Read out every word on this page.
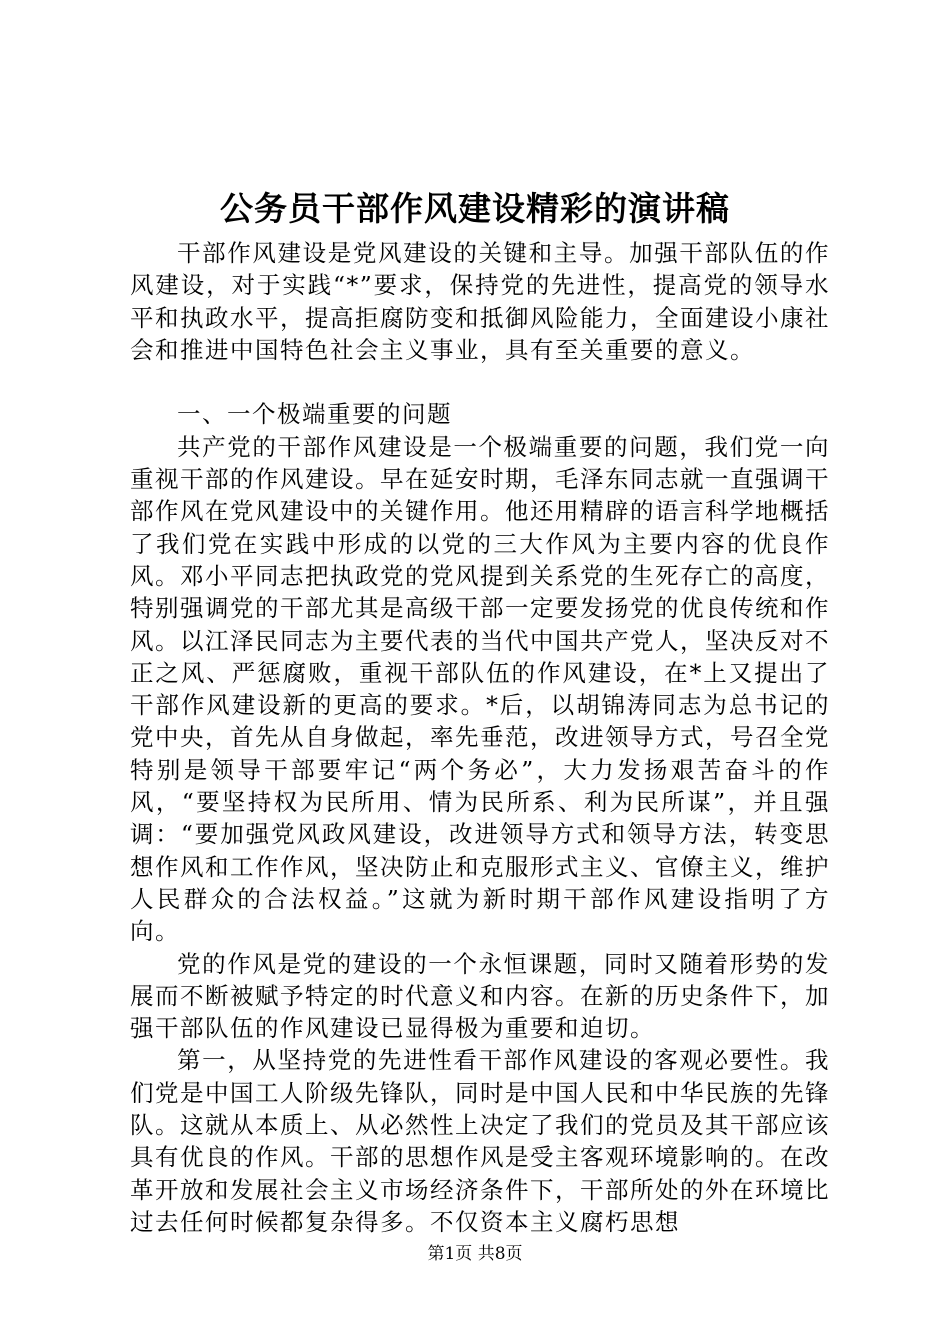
公务员干部作风建设精彩的演讲稿

干部作风建设是党风建设的关键和主导。加强干部队伍的作风建设，对于实践“*”要求，保持党的先进性，提高党的领导水平和执政水平，提高拒腐防变和抵御风险能力，全面建设小康社会和推进中国特色社会主义事业，具有至关重要的意义。

一、一个极端重要的问题

共产党的干部作风建设是一个极端重要的问题，我们党一向重视干部的作风建设。早在延安时期，毛泽东同志就一直强调干部作风在党风建设中的关键作用。他还用精辟的语言科学地概括了我们党在实践中形成的以党的三大作风为主要内容的优良作风。邓小平同志把执政党的党风提到关系党的生死存亡的高度，特别强调党的干部尤其是高级干部一定要发扬党的优良传统和作风。以江泽民同志为主要代表的当代中国共产党人，坚决反对不正之风、严惩腐败，重视干部队伍的作风建设，在*上又提出了干部作风建设新的更高的要求。*后，以胡锦涛同志为总书记的党中央，首先从自身做起，率先垂范，改进领导方式，号召全党特别是领导干部要牢记“两个务必”，大力发扬艰苦奋斗的作风，“要坚持权为民所用、情为民所系、利为民所谋”，并且强调：“要加强党风政风建设，改进领导方式和领导方法，转变思想作风和工作作风，坚决防止和克服形式主义、官僚主义，维护人民群众的合法权益。”这就为新时期干部作风建设指明了方向。

党的作风是党的建设的一个永恒课题，同时又随着形势的发展而不断被赋予特定的时代意义和内容。在新的历史条件下，加强干部队伍的作风建设已显得极为重要和迫切。

第一，从坚持党的先进性看干部作风建设的客观必要性。我们党是中国工人阶级先锋队，同时是中国人民和中华民族的先锋队。这就从本质上、从必然性上决定了我们的党员及其干部应该具有优良的作风。干部的思想作风是受主客观环境影响的。在改革开放和发展社会主义市场经济条件下，干部所处的外在环境比过去任何时候都复杂得多。不仅资本主义腐朽思想

第1页 共8页
